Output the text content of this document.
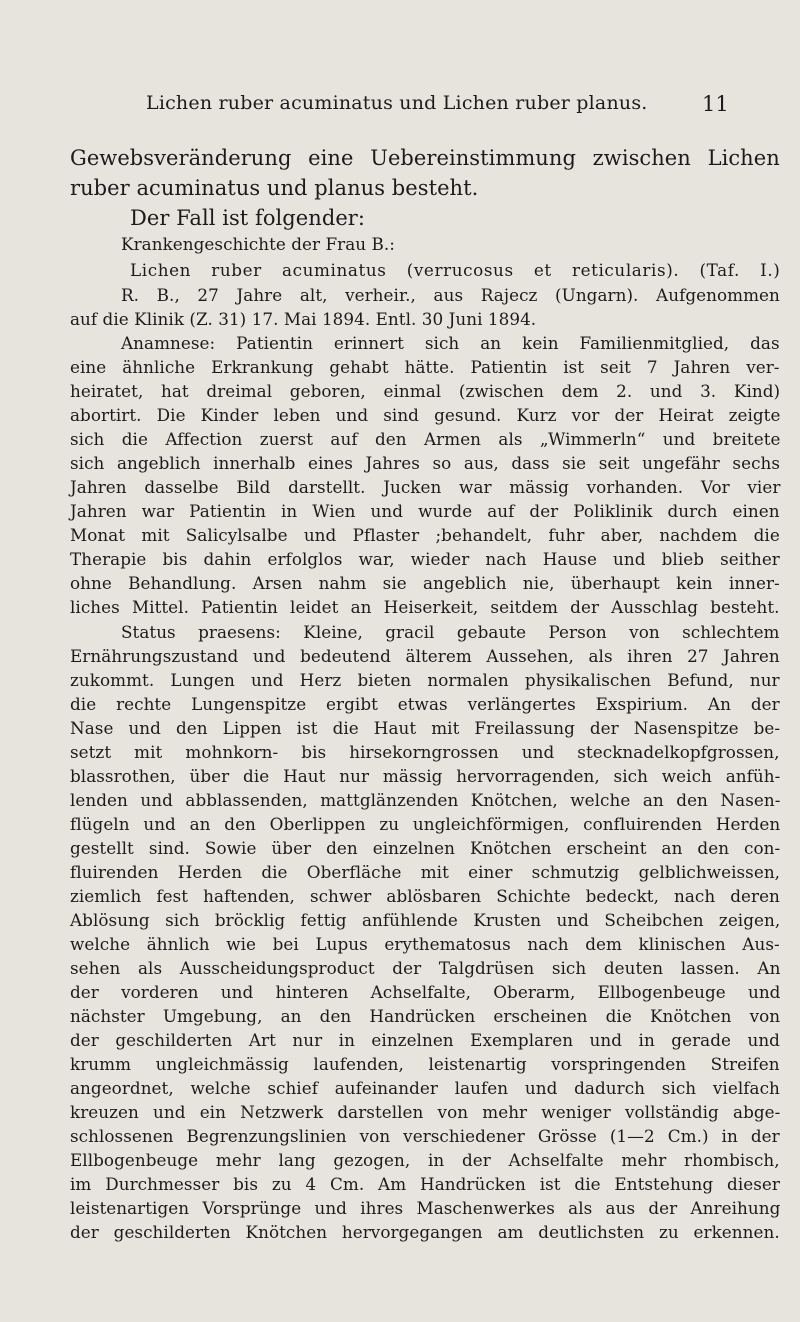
Lichen ruber acuminatus und Lichen ruber planus.	11
Gewebsveränderung eine Uebereinstimmung zwischen Lichen
ruber acuminatus und planus besteht.
Der Fall ist folgender:
Krankengeschichte der Frau B.:
Lichen ruber acuminatus (verrucosus et reticularis). (Taf. I.)
R. B., 27 Jahre alt, verheir., aus Rajecz (Ungarn). Aufgenommen
auf die Klinik (Z. 31) 17. Mai 1894. Entl. 30 Juni 1894.
Anamnese: Patientin erinnert sich an kein Familienmitglied, das
eine ähnliche Erkrankung gehabt hätte. Patientin ist seit 7 Jahren ver-
heiratet, hat dreimal geboren, einmal (zwischen dem 2. und 3. Kind)
abortirt. Die Kinder leben und sind gesund. Kurz vor der Heirat zeigte
sich die Affection zuerst auf den Armen als „Wimmerln“ und breitete
sich angeblich innerhalb eines Jahres so aus, dass sie seit ungefähr sechs
Jahren dasselbe Bild darstellt. Jucken war mässig vorhanden. Vor vier
Jahren war Patientin in Wien und wurde auf der Poliklinik durch einen
Monat mit Salicylsalbe und Pflaster ;behandelt, fuhr aber, nachdem die
Therapie bis dahin erfolglos war, wieder nach Hause und blieb seither
ohne Behandlung. Arsen nahm sie angeblich nie, überhaupt kein inner-
liches Mittel. Patientin leidet an Heiserkeit, seitdem der Ausschlag besteht.
Status praesens: Kleine, gracil gebaute Person von schlechtem
Ernährungszustand und bedeutend älterem Aussehen, als ihren 27 Jahren
zukommt. Lungen und Herz bieten normalen physikalischen Befund, nur
die rechte Lungenspitze ergibt etwas verlängertes Exspirium. An der
Nase und den Lippen ist die Haut mit Freilassung der Nasenspitze be-
setzt mit mohnkorn- bis hirsekorngrossen und stecknadelkopfgrossen,
blassrothen, über die Haut nur mässig hervorragenden, sich weich anfüh-
lenden und abblassenden, mattglänzenden Knötchen, welche an den Nasen-
flügeln und an den Oberlippen zu ungleichförmigen, confluirenden Herden
gestellt sind. Sowie über den einzelnen Knötchen erscheint an den con-
fluirenden Herden die Oberfläche mit einer schmutzig gelblichweissen,
ziemlich fest haftenden, schwer ablösbaren Schichte bedeckt, nach deren
Ablösung sich bröcklig fettig anfühlende Krusten und Scheibchen zeigen,
welche ähnlich wie bei Lupus erythematosus nach dem klinischen Aus-
sehen als Ausscheidungsproduct der Talgdrüsen sich deuten lassen. An
der vorderen und hinteren Achselfalte, Oberarm, Ellbogenbeuge und
nächster Umgebung, an den Handrücken erscheinen die Knötchen von
der geschilderten Art nur in einzelnen Exemplaren und in gerade und
krumm ungleichmässig laufenden, leistenartig vorspringenden Streifen
angeordnet, welche schief aufeinander laufen und dadurch sich vielfach
kreuzen und ein Netzwerk darstellen von mehr weniger vollständig abge-
schlossenen Begrenzungslinien von verschiedener Grösse (1—2 Cm.) in der
Ellbogenbeuge mehr lang gezogen, in der Achselfalte mehr rhombisch,
im Durchmesser bis zu 4 Cm. Am Handrücken ist die Entstehung dieser
leistenartigen Vorsprünge und ihres Maschenwerkes als aus der Anreihung
der geschilderten Knötchen hervorgegangen am deutlichsten zu erkennen.
